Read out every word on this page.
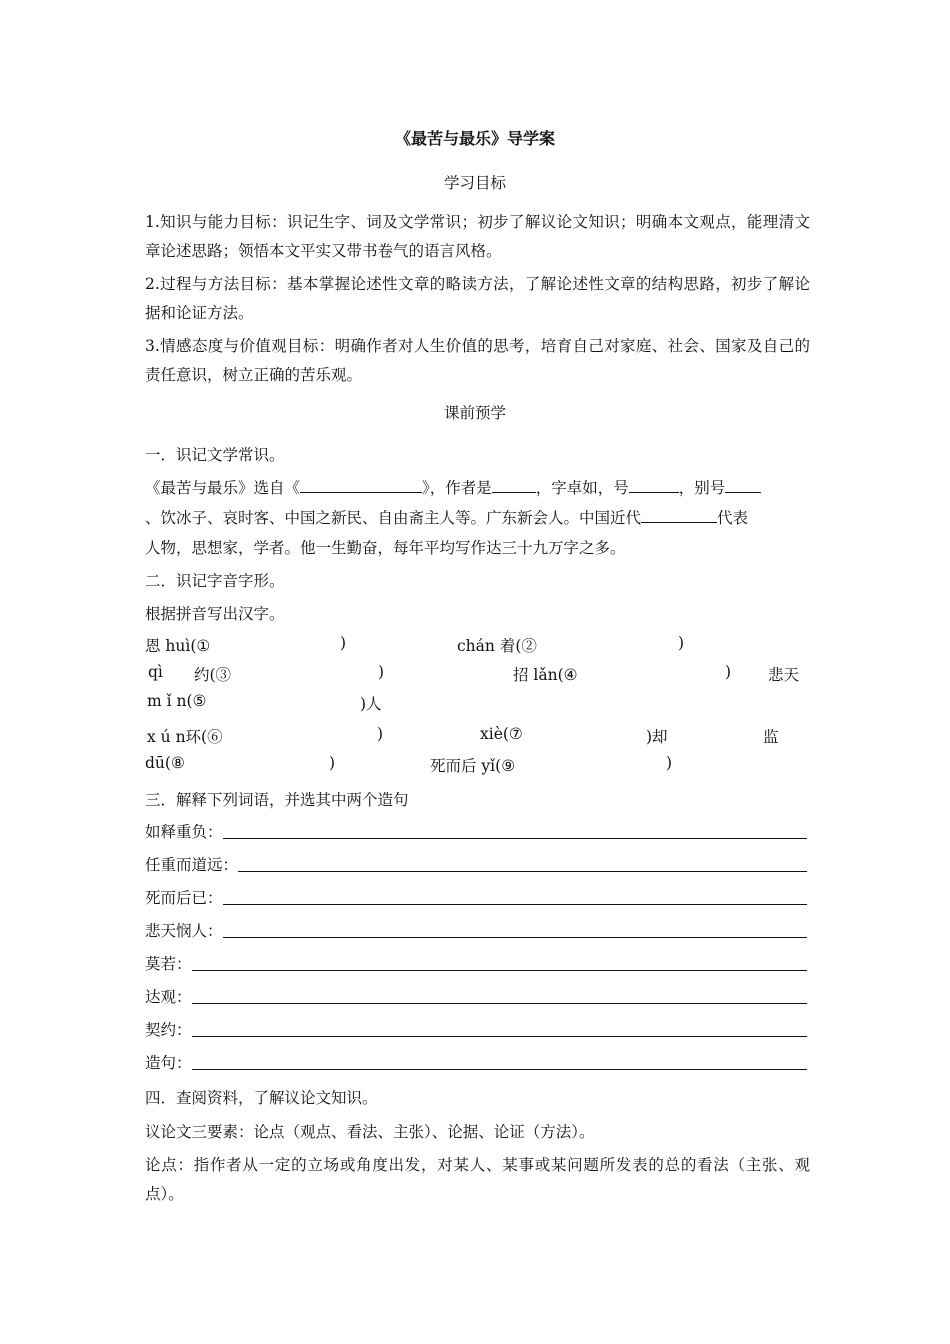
《最苦与最乐》导学案
学习目标
1.知识与能力目标：识记生字、词及文学常识；初步了解议论文知识；明确本文观点，能理清文章论述思路；领悟本文平实又带书卷气的语言风格。
2.过程与方法目标：基本掌握论述性文章的略读方法，了解论述性文章的结构思路，初步了解论据和论证方法。
3.情感态度与价值观目标：明确作者对人生价值的思考，培育自己对家庭、社会、国家及自己的责任意识，树立正确的苦乐观。
课前预学
一．识记文学常识。
《最苦与最乐》选自《	》，作者是	，字卓如，号	，别号
、饮冰子、哀时客、中国之新民、自由斋主人等。广东新会人。中国近代	代表
人物，思想家，学者。他一生勤奋，每年平均写作达三十九万字之多。
二．识记字音字形。
根据拼音写出汉字。
恩 huì(①	)	chán 着(②	)
qì 约(③	)	招 lǎn(④	) 悲天
m ǐ n(⑤	)人
x ú n环(⑥	)	xiè(⑦	)却	监
dū(⑧	)	死而后 yǐ(⑨	)
三．解释下列词语，并选其中两个造句
如释重负：
任重而道远：
死而后已：
悲天悯人：
莫若：
达观：
契约：
造句：
四．查阅资料，了解议论文知识。
议论文三要素：论点（观点、看法、主张）、论据、论证（方法）。
论点：指作者从一定的立场或角度出发，对某人、某事或某问题所发表的总的看法（主张、观点）。
